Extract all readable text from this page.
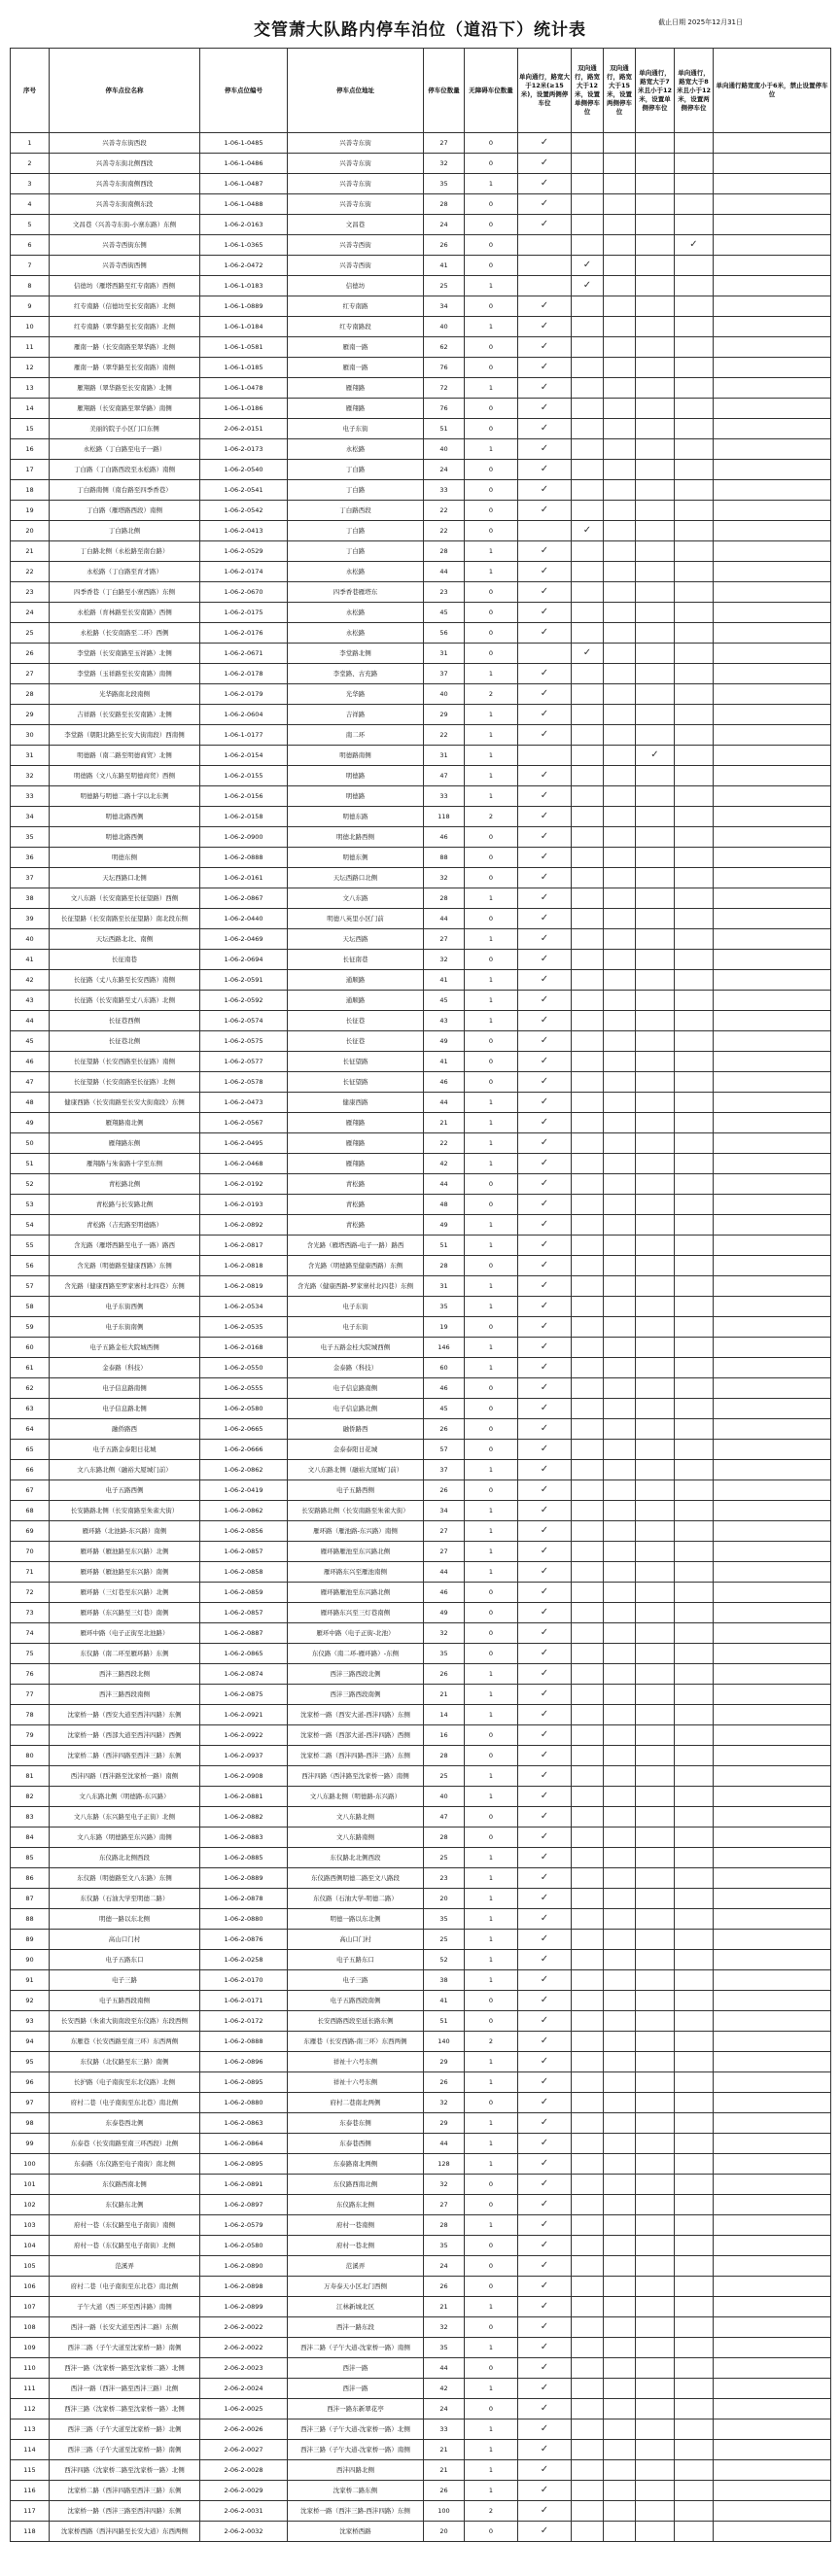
交管萧大队路内停车泊位（道沿下）统计表	截止日期 2025年12月31日
序号	停车点位名称	停车点位编号	停车点位地址	停车位数量	无障碍车位数量	单向通行，路宽大于12米(≥15米)，设置两侧停车位	双向通行，路宽大于12米，设置单侧停车位	双向通行，路宽大于15米，设置两侧停车位	单向通行，路宽大于7米且小于12米，设置单侧停车位	单向通行，路宽大于8米且小于12米，设置两侧停车位	单向通行路宽度小于6米，禁止设置停车位
1	兴善寺东街西段	1-06-1-0485	兴善寺东街	27	0	✓					
2	兴善寺东街北侧西段	1-06-1-0486	兴善寺东街	32	0	✓					
3	兴善寺东街南侧西段	1-06-1-0487	兴善寺东街	35	1	✓					
4	兴善寺东街南侧东段	1-06-1-0488	兴善寺东街	28	0	✓					
5	文昌巷（兴善寺东街-小寨东路）东侧	1-06-2-0163	文昌巷	24	0	✓					
6	兴善寺西街东侧	1-06-1-0365	兴善寺西街	26	0					✓	
7	兴善寺西街西侧	1-06-2-0472	兴善寺西街	41	0		✓				
8	信德坊（雁塔西路至红专南路）西侧	1-06-1-0183	信德坊	25	1		✓				
9	红专南路（信德坊至长安南路）北侧	1-06-1-0889	红专南路	34	0	✓					
10	红专南路（翠华路至长安南路）北侧	1-06-1-0184	红专南路段	40	1	✓					
11	雁南一路（长安南路至翠华路）北侧	1-06-1-0581	雁南一路	62	0	✓					
12	雁南一路（翠华路至长安南路）南侧	1-06-1-0185	雁南一路	76	0	✓					
13	雁翔路（翠华路至长安南路）北侧	1-06-1-0478	雁翔路	72	1	✓					
14	雁翔路（长安南路至翠华路）南侧	1-06-1-0186	雁翔路	76	0	✓					
15	美丽的院子小区门口东侧	2-06-2-0151	电子东街	51	0	✓					
16	永松路（丁白路至电子一路）	1-06-2-0173	永松路	40	1	✓					
17	丁白路（丁白路西段至永松路）南侧	1-06-2-0540	丁白路	24	0	✓					
18	丁白路南侧（南台路至四季香巷）	1-06-2-0541	丁白路	33	0	✓					
19	丁白路（雁塔路西段）南侧	1-06-2-0542	丁白路西段	22	0	✓					
20	丁白路北侧	1-06-2-0413	丁白路	22	0		✓				
21	丁白路北侧（永松路至南台路）	1-06-2-0529	丁白路	28	1	✓					
22	永松路（丁白路至育才路）	1-06-2-0174	永松路	44	1	✓					
23	四季香巷（丁白路至小寨西路）东侧	1-06-2-0670	四季香巷雁塔东	23	0	✓					
24	永松路（育林路至长安南路）西侧	1-06-2-0175	永松路	45	0	✓					
25	永松路（长安南路至二环）西侧	1-06-2-0176	永松路	56	0	✓					
26	李堂路（长安南路至玉祥路）北侧	1-06-2-0671	李堂路北侧	31	0		✓				
27	李堂路（玉祥路至长安南路）南侧	1-06-2-0178	李堂路、古充路	37	1	✓					
28	光华路南北段南侧	1-06-2-0179	光华路	40	2	✓					
29	吉祥路（长安路至长安南路）北侧	1-06-2-0604	吉祥路	29	1	✓					
30	李堂路（朝阳北路至长安大街南段）西南侧	1-06-1-0177	南二环	22	1	✓					
31	明德路（南二路至明德商贸）北侧	1-06-2-0154	明德路南侧	31	1				✓		
32	明德路（文八东路至明德商贸）西侧	1-06-2-0155	明德路	47	1	✓					
33	明德路与明德二路十字以北东侧	1-06-2-0156	明德路	33	1	✓					
34	明德北路西侧	1-06-2-0158	明德东路	118	2	✓					
35	明德北路西侧	1-06-2-0900	明德北路西侧	46	0	✓					
36	明德东侧	1-06-2-0888	明德东侧	88	0	✓					
37	天坛西路口北侧	1-06-2-0161	天坛西路口北侧	32	0	✓					
38	文八东路（长安南路至长征望路）西侧	1-06-2-0867	文八东路	28	1	✓					
39	长征望路（长安南路至长征望路）南北段东侧	1-06-2-0440	明德八英里小区门前	44	0	✓					
40	天坛西路北北、南侧	1-06-2-0469	天坛西路	27	1	✓					
41	长征南巷	1-06-2-0694	长征南巷	32	0	✓					
42	长征路（丈八东路至长安西路）南侧	1-06-2-0591	通顺路	41	1	✓					
43	长征路（长安南路至丈八东路）北侧	1-06-2-0592	通顺路	45	1	✓					
44	长征巷西侧	1-06-2-0574	长征巷	43	1	✓					
45	长征巷北侧	1-06-2-0575	长征巷	49	0	✓					
46	长征望路（长安西路至长征路）南侧	1-06-2-0577	长征望路	41	0	✓					
47	长征望路（长安南路至长征路）北侧	1-06-2-0578	长征望路	46	0	✓					
48	健康西路（长安南路至长安大街南段）东侧	1-06-2-0473	健康西路	44	1	✓					
49	雁翔路南北侧	1-06-2-0567	雁翔路	21	1	✓					
50	雁翔路东侧	1-06-2-0495	雁翔路	22	1	✓					
51	雁翔路与朱雀路十字至东侧	1-06-2-0468	雁翔路	42	1	✓					
52	青松路北侧	1-06-2-0192	青松路	44	0	✓					
53	青松路与长安路北侧	1-06-2-0193	青松路	48	0	✓					
54	青松路（吉充路至明德路）	1-06-2-0892	青松路	49	1	✓					
55	含光路（雁塔西路至电子一路）路西	1-06-2-0817	含光路（雁塔西路-电子一路）路西	51	1	✓					
56	含光路（明德路至健康西路）东侧	1-06-2-0818	含光路（明德路至健康西路）东侧	28	0	✓					
57	含光路（健康西路至罗家寨村北四巷）东侧	1-06-2-0819	含光路（健康西路-罗家寨村北四巷）东侧	31	1	✓					
58	电子东街西侧	1-06-2-0534	电子东街	35	1	✓					
59	电子东街南侧	1-06-2-0535	电子东街	19	0	✓					
60	电子五路金桂大院城西侧	1-06-2-0168	电子五路金桂大院城西侧	146	1	✓					
61	金泰路（科技）	1-06-2-0550	金泰路（科技）	60	1	✓					
62	电子信息路南侧	1-06-2-0555	电子信息路南侧	46	0	✓					
63	电子信息路北侧	1-06-2-0580	电子信息路北侧	45	0	✓					
64	融侨路西	1-06-2-0665	融侨路西	26	0	✓					
65	电子五路金泰阳日花城	1-06-2-0666	金泰泰阳日花城	57	0	✓					
66	文八东路北侧（融裕大厦城门前）	1-06-2-0862	文八东路北侧（融裕大厦城门前）	37	1	✓					
67	电子五路西侧	1-06-2-0419	电子五路西侧	26	0	✓					
68	长安路路北侧（长安南路至朱雀大街）	1-06-2-0862	长安路路北侧（长安南路至朱雀大街）	34	1	✓					
69	雁环路（北池路-东兴路）南侧	1-06-2-0856	雁环路（雁池路-东兴路）南侧	27	1	✓					
70	雁环路（雁池路至东兴路）北侧	1-06-2-0857	雁环路雁池至东兴路北侧	27	1	✓					
71	雁环路（雁池路至东兴路）南侧	1-06-2-0858	雁环路东兴至雁池南侧	44	1	✓					
72	雁环路（三灯巷至东兴路）北侧	1-06-2-0859	雁环路雁池至东兴路北侧	46	0	✓					
73	雁环路（东兴路至三灯巷）南侧	1-06-2-0857	雁环路东兴至三灯巷南侧	49	0	✓					
74	雁环中路（电子正街至北池路）	1-06-2-0887	雁环中路（电子正街-北池）	32	0	✓					
75	东仪路（南二环至雁环路）东侧	1-06-2-0865	东仪路（南二环-雁环路）-东侧	35	0	✓					
76	西沣三路西段北侧	1-06-2-0874	西沣三路西段北侧	26	1	✓					
77	西沣三路西段南侧	1-06-2-0875	西沣三路西段南侧	21	1	✓					
78	沈家桥一路（西安大道至西沣四路）东侧	1-06-2-0921	沈家桥一路（西安大道-西沣四路）东侧	14	1	✓					
79	沈家桥一路（西部大道至西沣四路）西侧	1-06-2-0922	沈家桥一路（西部大道-西沣四路）西侧	16	0	✓					
80	沈家桥二路（西沣四路至西沣三路）东侧	1-06-2-0937	沈家桥二路（西沣四路-西沣三路）东侧	28	0	✓					
81	西沣四路（西沣路至沈家桥一路）南侧	1-06-2-0908	西沣四路（西沣路至沈家桥一路）南侧	25	1	✓					
82	文八东路北侧（明德路-东兴路）	1-06-2-0881	文八东路北侧（明德路-东兴路）	40	1	✓					
83	文八东路（东兴路至电子正街）北侧	1-06-2-0882	文八东路北侧	47	0	✓					
84	文八东路（明德路至东兴路）南侧	1-06-2-0883	文八东路南侧	28	0	✓					
85	东仪路北北侧西段	1-06-2-0885	东仪路北北侧西段	25	1	✓					
86	东仪路（明德路至文八东路）东侧	1-06-2-0889	东仪路西侧明德二路至文八路段	23	1	✓					
87	东仪路（石油大学至明德二路）	1-06-2-0878	东仪路（石油大学-明德二路）	20	1	✓					
88	明德一路以东北侧	1-06-2-0880	明德一路以东北侧	35	1	✓					
89	高山口门村	1-06-2-0876	高山口门村	25	1	✓					
90	电子五路东口	1-06-2-0258	电子五路东口	52	1	✓					
91	电子三路	1-06-2-0170	电子三路	38	1	✓					
92	电子五路西段南侧	1-06-2-0171	电子五路西段南侧	41	0	✓					
93	长安西路（朱雀大街南段至东仪路）东段西侧	1-06-2-0172	长安西路西段至延长路东侧	51	0	✓					
94	东雁巷（长安西路至南三环）东西两侧	1-06-2-0888	东雁巷（长安西路-南三环）东西两侧	140	2	✓					
95	东仪路（北仪路至东三路）南侧	1-06-2-0896	祥祉十六号东侧	29	1	✓					
96	长护路（电子南街至东北仪路）北侧	1-06-2-0895	祥祉十六号东侧	26	1	✓					
97	府村二巷（电子南街至东北巷）南北侧	1-06-2-0880	府村二巷南北两侧	32	0	✓					
98	东泰巷西北侧	1-06-2-0863	东泰巷东侧	29	1	✓					
99	东泰巷（长安南路至南三环西段）北侧	1-06-2-0864	东泰巷西侧	44	1	✓					
100	东泰路（东仪路至电子南街）南北侧	1-06-2-0895	东泰路南北两侧	128	1	✓					
101	东仪路西南北侧	1-06-2-0891	东仪路西南北侧	32	0	✓					
102	东仪路东北侧	1-06-2-0897	东仪路东北侧	27	0	✓					
103	府村一巷（东仪路至电子南街）南侧	1-06-2-0579	府村一巷南侧	28	1	✓					
104	府村一巷（东仪路至电子南街）北侧	1-06-2-0580	府村一巷北侧	35	0	✓					
105	范溪弄	1-06-2-0890	范溪弄	24	0	✓					
106	府村二巷（电子南街至东北巷）南北侧	1-06-2-0898	万寿泰天小区北门西侧	26	0	✓					
107	子午大道（西三环至西沣路）南侧	1-06-2-0899	江林新城北区	21	1	✓					
108	西沣一路（长安大道至西沣二路）东侧	2-06-2-0022	西沣一路东段	32	0	✓					
109	西沣二路（子午大道至沈家桥一路）南侧	2-06-2-0022	西沣二路（子午大道-沈家桥一路）南侧	35	1	✓					
110	西沣一路（沈家桥一路至沈家桥二路）北侧	2-06-2-0023	西沣一路	44	0	✓					
111	西沣一路（西沣一路至西沣三路）北侧	2-06-2-0024	西沣一路	42	1	✓					
112	西沣三路（沈家桥二路至沈家桥一路）北侧	1-06-2-0025	西沣一路东新翠花亭	24	0	✓					
113	西沣三路（子午大道至沈家桥一路）北侧	2-06-2-0026	西沣三路（子午大道-沈家桥一路）北侧	33	1	✓					
114	西沣三路（子午大道至沈家桥一路）南侧	2-06-2-0027	西沣三路（子午大道-沈家桥一路）南侧	21	1	✓					
115	西沣四路（沈家桥二路至沈家桥一路）北侧	2-06-2-0028	西沣四路北侧	21	1	✓					
116	沈家桥二路（西沣四路至西沣三路）东侧	2-06-2-0029	沈家桥二路东侧	26	1	✓					
117	沈家桥一路（西沣三路至西沣四路）东侧	2-06-2-0031	沈家桥一路（西沣三路-西沣四路）东侧	100	2	✓					
118	沈家桥西路（西沣四路至长安大道）东西两侧	2-06-2-0032	沈家桥西路	20	0	✓					
